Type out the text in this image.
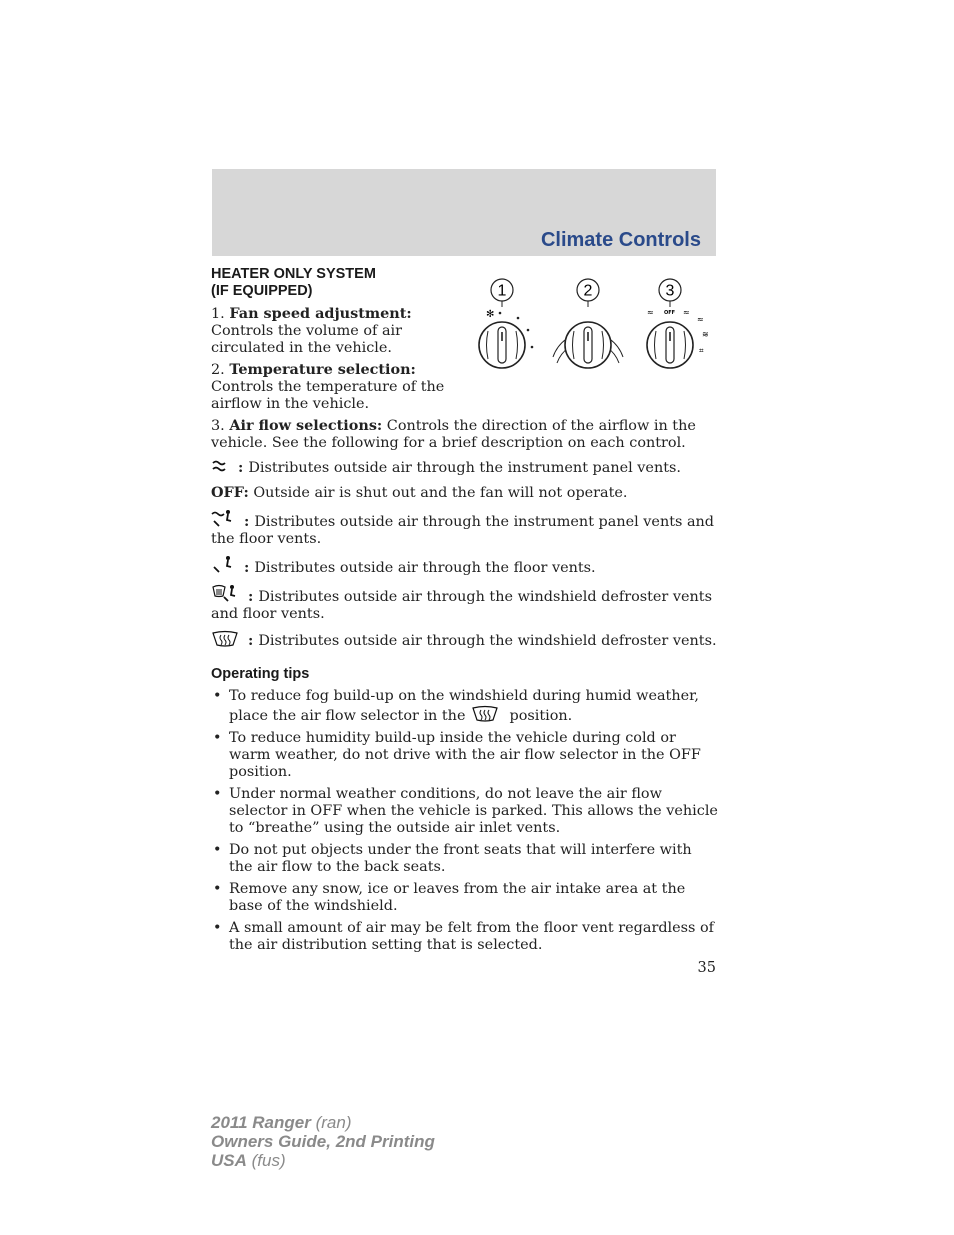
Climate Controls
HEATER ONLY SYSTEM
(IF EQUIPPED)

1. Fan speed adjustment: Controls the volume of air circulated in the vehicle.

2. Temperature selection: Controls the temperature of the airflow in the vehicle.

1	2	3
✻	≈ OFF ≈
≈
≋
⌗

3. Air flow selections: Controls the direction of the airflow in the vehicle. See the following for a brief description on each control.

: Distributes outside air through the instrument panel vents.

OFF: Outside air is shut out and the fan will not operate.

: Distributes outside air through the instrument panel vents and the floor vents.

: Distributes outside air through the floor vents.

: Distributes outside air through the windshield defroster vents and floor vents.

: Distributes outside air through the windshield defroster vents.

Operating tips
• To reduce fog build-up on the windshield during humid weather, place the air flow selector in the	position.
• To reduce humidity build-up inside the vehicle during cold or warm weather, do not drive with the air flow selector in the OFF position.
• Under normal weather conditions, do not leave the air flow selector in OFF when the vehicle is parked. This allows the vehicle to “breathe” using the outside air inlet vents.
• Do not put objects under the front seats that will interfere with the air flow to the back seats.
• Remove any snow, ice or leaves from the air intake area at the base of the windshield.
• A small amount of air may be felt from the floor vent regardless of the air distribution setting that is selected.
35
2011 Ranger (ran)
Owners Guide, 2nd Printing
USA (fus)
